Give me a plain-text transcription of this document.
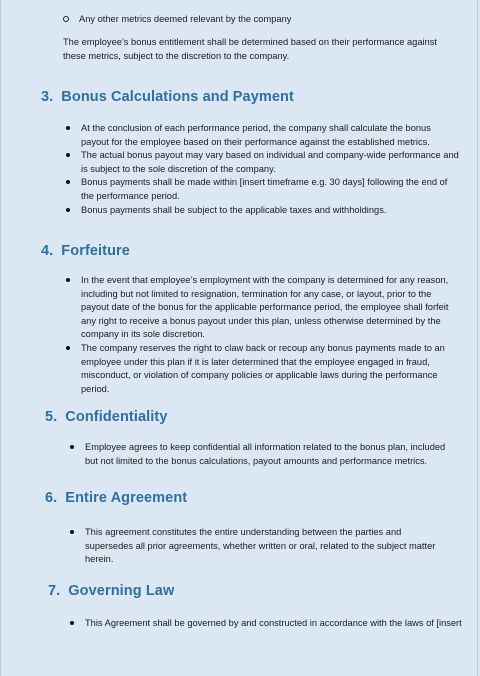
Any other metrics deemed relevant by the company
The employee’s bonus entitlement shall be determined based on their performance against these metrics, subject to the discretion to the company.
3. Bonus Calculations and Payment
At the conclusion of each performance period, the company shall calculate the bonus payout for the employee based on their performance against the established metrics.
The actual bonus payout may vary based on individual and company-wide performance and is subject to the sole discretion of the company.
Bonus payments shall be made within [insert timeframe e.g. 30 days] following the end of the performance period.
Bonus payments shall be subject to the applicable taxes and withholdings.
4. Forfeiture
In the event that employee’s employment with the company is determined for any reason, including but not limited to resignation, termination for any case, or layout, prior to the payout date of the bonus for the applicable performance period, the employee shall forfeit any right to receive a bonus payout under this plan, unless otherwise determined by the company in its sole discretion.
The company reserves the right to claw back or recoup any bonus payments made to an employee under this plan if it is later determined that the employee engaged in fraud, misconduct, or violation of company policies or applicable laws during the performance period.
5. Confidentiality
Employee agrees to keep confidential all information related to the bonus plan, included but not limited to the bonus calculations, payout amounts and performance metrics.
6. Entire Agreement
This agreement constitutes the entire understanding between the parties and supersedes all prior agreements, whether written or oral, related to the subject matter herein.
7. Governing Law
This Agreement shall be governed by and constructed in accordance with the laws of [insert
